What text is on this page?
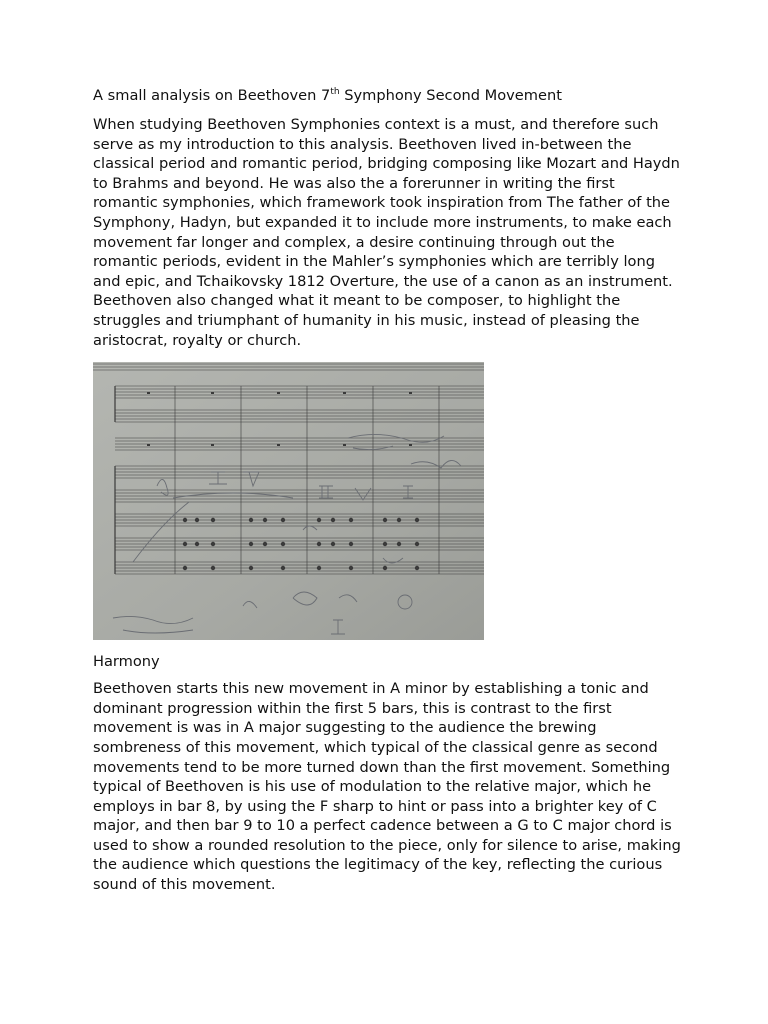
A small analysis on Beethoven 7th Symphony Second Movement

When studying Beethoven Symphonies context is a must, and therefore such serve as my introduction to this analysis. Beethoven lived in-between the classical period and romantic period, bridging composing like Mozart and Haydn to Brahms and beyond. He was also the a forerunner in writing the first romantic symphonies, which framework took inspiration from The father of the Symphony, Hadyn, but expanded it to include more instruments, to make each movement far longer and complex, a desire continuing through out the romantic periods, evident in the Mahler’s symphonies which are terribly long and epic, and Tchaikovsky 1812 Overture, the use of a canon as an instrument. Beethoven also changed what it meant to be composer, to highlight the struggles and triumphant of humanity in his music, instead of pleasing the aristocrat, royalty or church.

Harmony

Beethoven starts this new movement in A minor by establishing a tonic and dominant progression within the first 5 bars, this is contrast to the first movement is was in A major suggesting to the audience the brewing sombreness of this movement, which typical of the classical genre as second movements tend to be more turned down than the first movement. Something typical of Beethoven is his use of modulation to the relative major, which he employs in bar 8, by using the F sharp to hint or pass into a brighter key of C major, and then bar 9 to 10 a perfect cadence between a G to C major chord is used to show a rounded resolution to the piece, only for silence to arise, making the audience which questions the legitimacy of the key, reflecting the curious sound of this movement.
